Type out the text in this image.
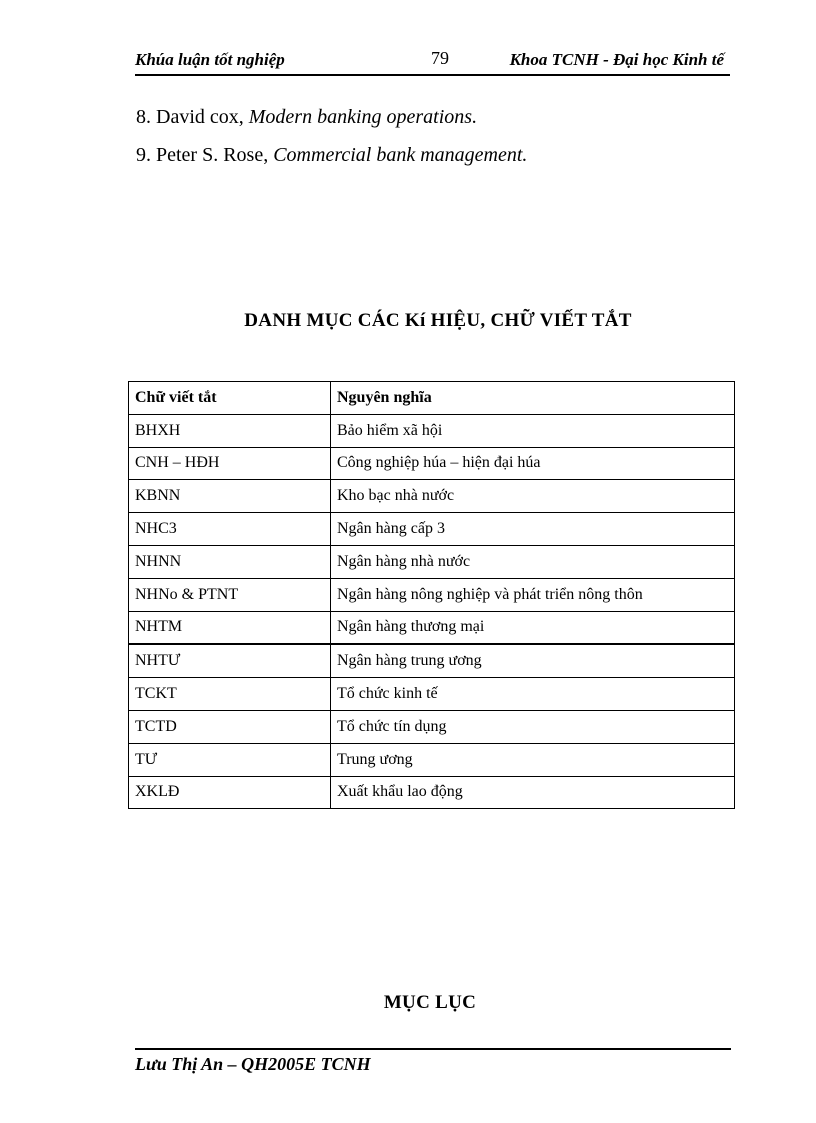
Khúa luận tốt nghiệp	79	Khoa TCNH - Đại học Kinh tế
8. David cox, Modern banking operations.
9. Peter S. Rose, Commercial bank management.
DANH MỤC CÁC Kí HIỆU, CHỮ VIẾT TẮT
Chữ viết tắt	Nguyên nghĩa
BHXH	Bảo hiểm xã hội
CNH – HĐH	Công nghiệp húa – hiện đại húa
KBNN	Kho bạc nhà nước
NHC3	Ngân hàng cấp 3
NHNN	Ngân hàng nhà nước
NHNo & PTNT	Ngân hàng nông nghiệp và phát triển nông thôn
NHTM	Ngân hàng thương mại
NHTƯ	Ngân hàng trung ương
TCKT	Tổ chức kinh tế
TCTD	Tổ chức tín dụng
TƯ	Trung ương
XKLĐ	Xuất khẩu lao động
MỤC LỤC
Lưu Thị An – QH2005E TCNH
